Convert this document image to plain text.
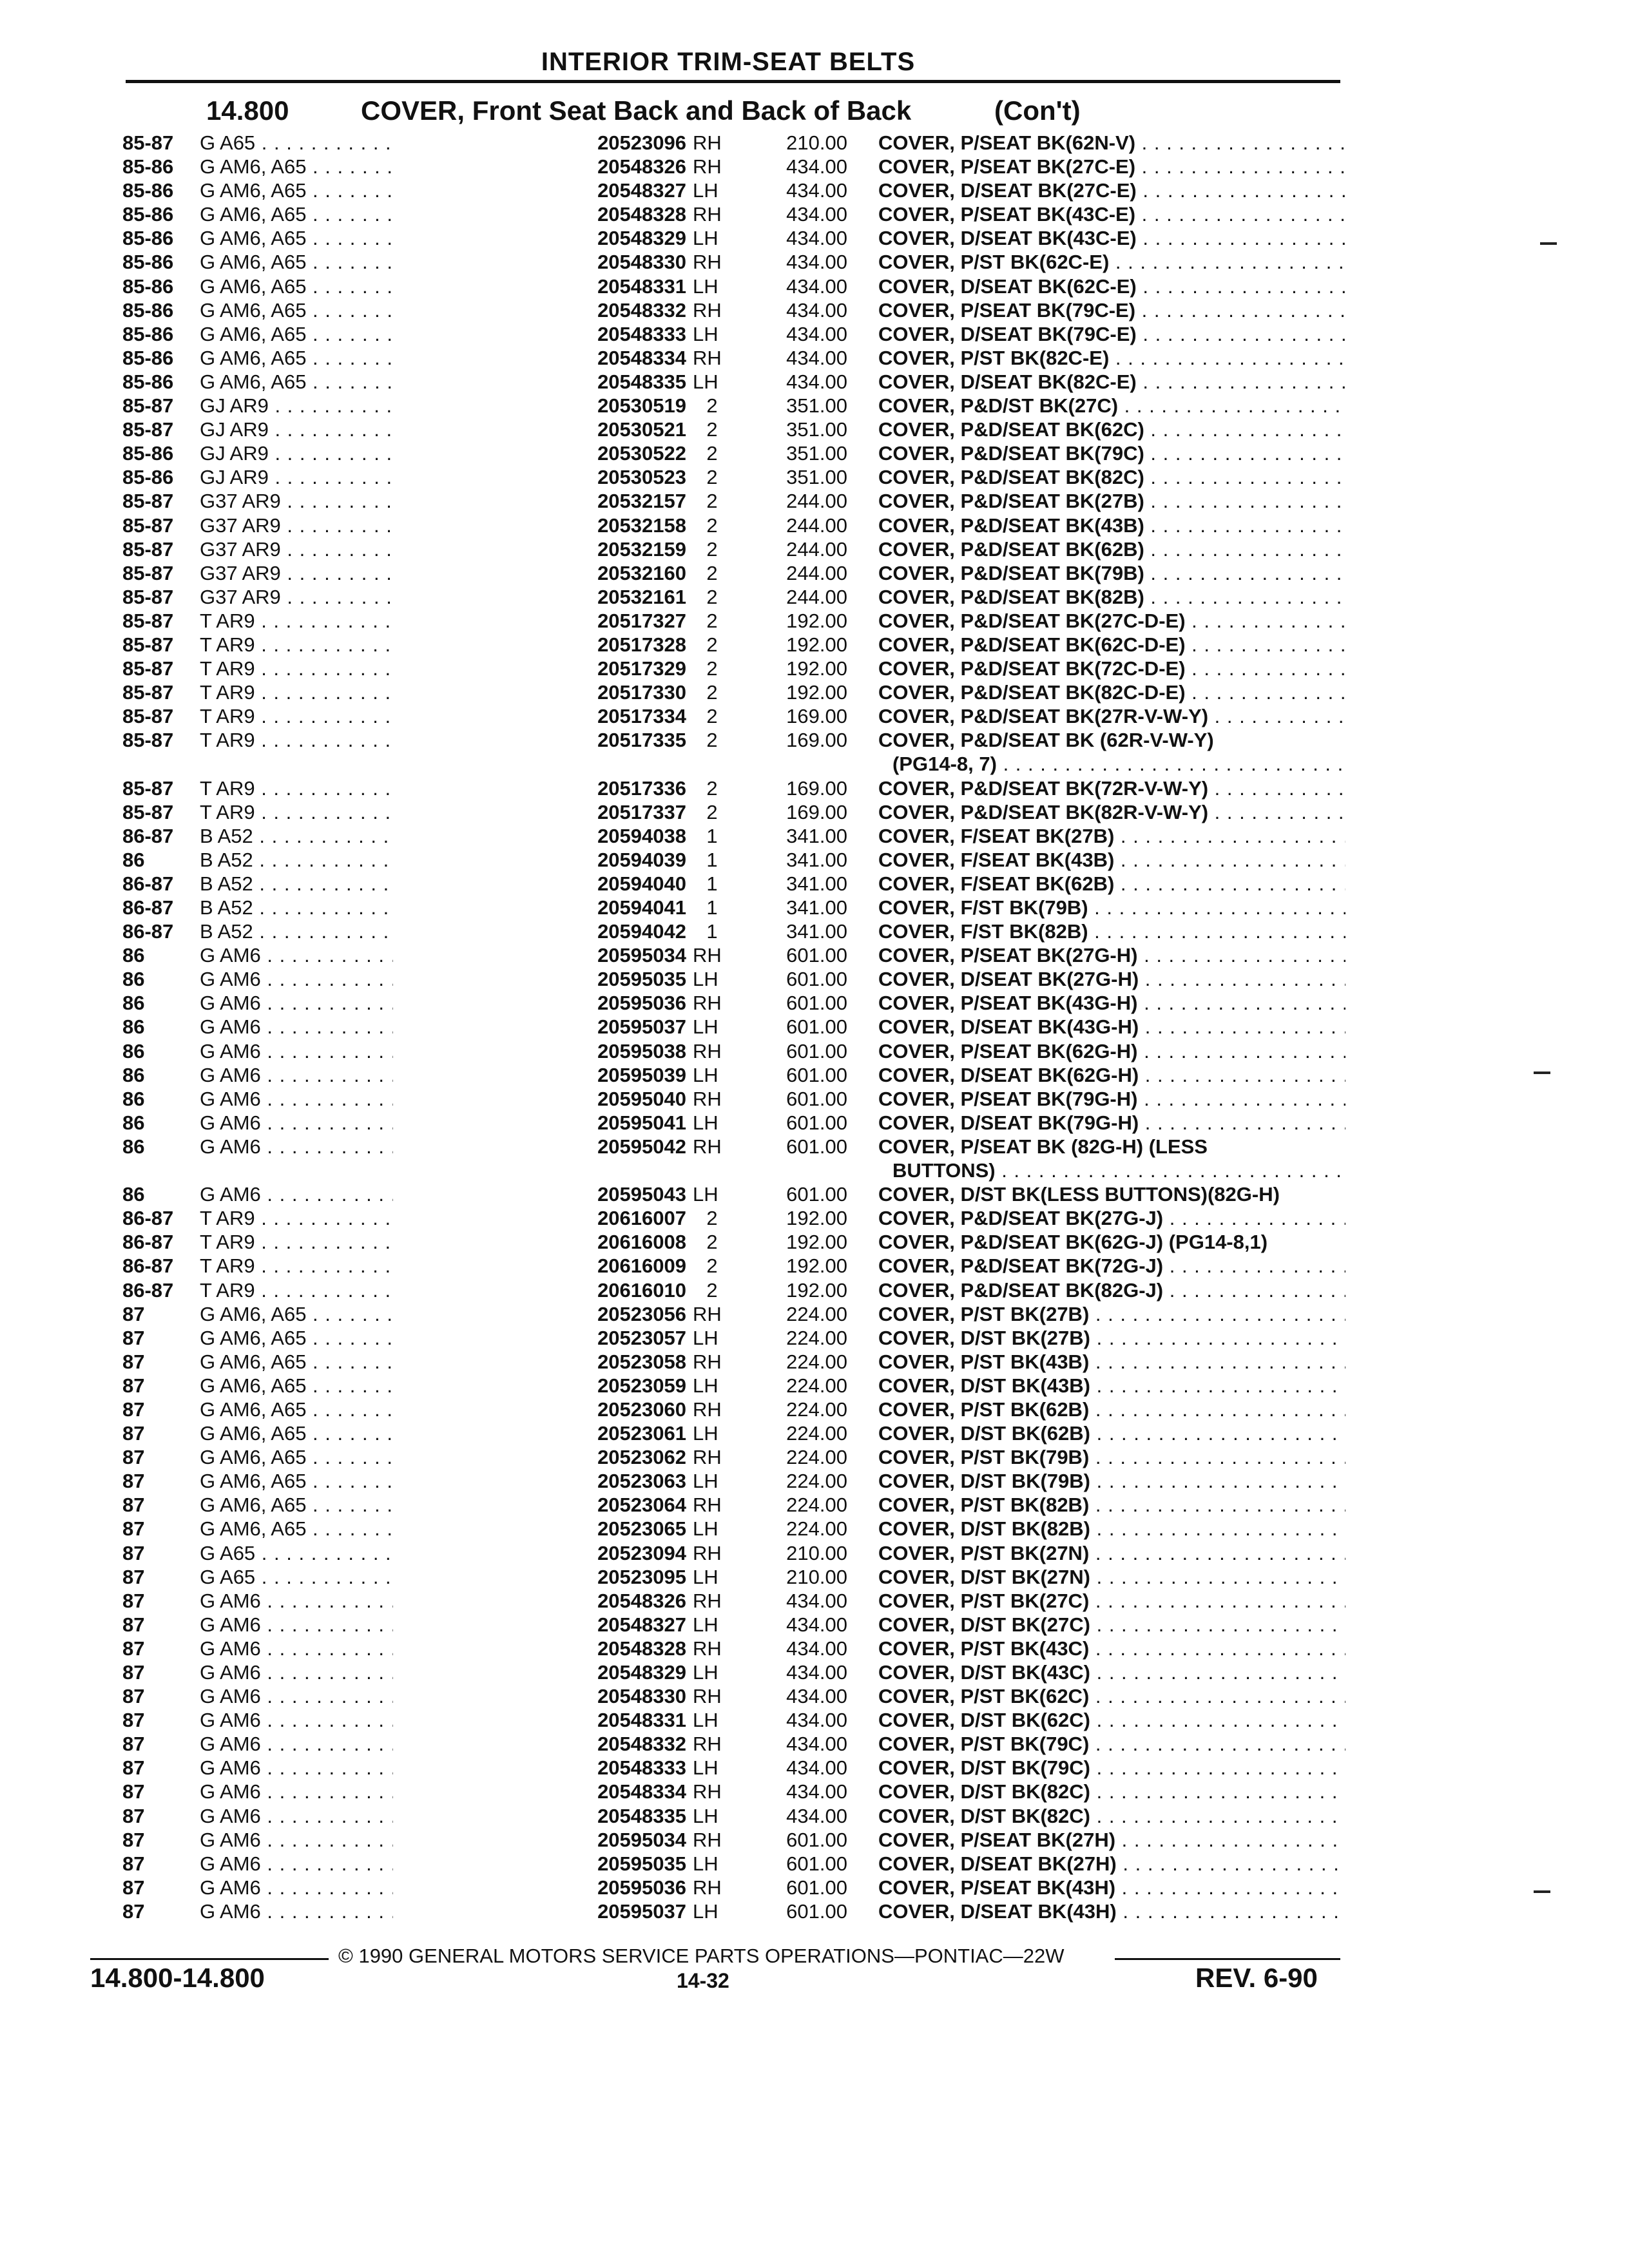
INTERIOR TRIM-SEAT BELTS
14.800	COVER, Front Seat Back and Back of Back	(Con't)
85-87	G A65 . . .	20523096 RH	210.00 COVER, P/SEAT BK(62N-V) . . .
85-86	G AM6, A65 . . .	20548326 RH	434.00 COVER, P/SEAT BK(27C-E) . . .
85-86	G AM6, A65 . . .	20548327 LH	434.00 COVER, D/SEAT BK(27C-E) . . .
85-86	G AM6, A65 . . .	20548328 RH	434.00 COVER, P/SEAT BK(43C-E) . . .
85-86	G AM6, A65 . . .	20548329 LH	434.00 COVER, D/SEAT BK(43C-E) . . .
85-86	G AM6, A65 . . .	20548330 RH	434.00 COVER, P/ST BK(62C-E) . . .
85-86	G AM6, A65 . . .	20548331 LH	434.00 COVER, D/SEAT BK(62C-E) . . .
85-86	G AM6, A65 . . .	20548332 RH	434.00 COVER, P/SEAT BK(79C-E) . . .
85-86	G AM6, A65 . . .	20548333 LH	434.00 COVER, D/SEAT BK(79C-E) . . .
85-86	G AM6, A65 . . .	20548334 RH	434.00 COVER, P/ST BK(82C-E) . . .
85-86	G AM6, A65 . . .	20548335 LH	434.00 COVER, D/SEAT BK(82C-E) . . .
85-87	GJ AR9 . . .	20530519	2	351.00 COVER, P&D/ST BK(27C) . . .
85-87	GJ AR9 . . .	20530521	2	351.00 COVER, P&D/SEAT BK(62C) . . .
85-86	GJ AR9 . . .	20530522	2	351.00 COVER, P&D/SEAT BK(79C) . . .
85-86	GJ AR9 . . .	20530523	2	351.00 COVER, P&D/SEAT BK(82C) . . .
85-87	G37 AR9 . . .	20532157	2	244.00 COVER, P&D/SEAT BK(27B) . . .
85-87	G37 AR9 . . .	20532158	2	244.00 COVER, P&D/SEAT BK(43B) . . .
85-87	G37 AR9 . . .	20532159	2	244.00 COVER, P&D/SEAT BK(62B) . . .
85-87	G37 AR9 . . .	20532160	2	244.00 COVER, P&D/SEAT BK(79B) . . .
85-87	G37 AR9 . . .	20532161	2	244.00 COVER, P&D/SEAT BK(82B) . . .
85-87	T AR9 . . .	20517327	2	192.00 COVER, P&D/SEAT BK(27C-D-E) . . .
85-87	T AR9 . . .	20517328	2	192.00 COVER, P&D/SEAT BK(62C-D-E) . . .
85-87	T AR9 . . .	20517329	2	192.00 COVER, P&D/SEAT BK(72C-D-E) . . .
85-87	T AR9 . . .	20517330	2	192.00 COVER, P&D/SEAT BK(82C-D-E) . . .
85-87	T AR9 . . .	20517334	2	169.00 COVER, P&D/SEAT BK(27R-V-W-Y) . . .
85-87	T AR9 . . .	20517335	2	169.00 COVER, P&D/SEAT BK (62R-V-W-Y)
(PG14-8, 7) . . .
85-87	T AR9 . . .	20517336	2	169.00 COVER, P&D/SEAT BK(72R-V-W-Y) . . .
85-87	T AR9 . . .	20517337	2	169.00 COVER, P&D/SEAT BK(82R-V-W-Y) . . .
86-87	B A52 . . .	20594038	1	341.00 COVER, F/SEAT BK(27B) . . .
86	B A52 . . .	20594039	1	341.00 COVER, F/SEAT BK(43B) . . .
86-87	B A52 . . .	20594040	1	341.00 COVER, F/SEAT BK(62B) . . .
86-87	B A52 . . .	20594041	1	341.00 COVER, F/ST BK(79B) . . .
86-87	B A52 . . .	20594042	1	341.00 COVER, F/ST BK(82B) . . .
86	G AM6 . . .	20595034 RH	601.00 COVER, P/SEAT BK(27G-H) . . .
86	G AM6 . . .	20595035 LH	601.00 COVER, D/SEAT BK(27G-H) . . .
86	G AM6 . . .	20595036 RH	601.00 COVER, P/SEAT BK(43G-H) . . .
86	G AM6 . . .	20595037 LH	601.00 COVER, D/SEAT BK(43G-H) . . .
86	G AM6 . . .	20595038 RH	601.00 COVER, P/SEAT BK(62G-H) . . .
86	G AM6 . . .	20595039 LH	601.00 COVER, D/SEAT BK(62G-H) . . .
86	G AM6 . . .	20595040 RH	601.00 COVER, P/SEAT BK(79G-H) . . .
86	G AM6 . . .	20595041 LH	601.00 COVER, D/SEAT BK(79G-H) . . .
86	G AM6 . . .	20595042 RH	601.00 COVER, P/SEAT BK (82G-H) (LESS
BUTTONS) . . .
86	G AM6 . . .	20595043 LH	601.00 COVER, D/ST BK(LESS BUTTONS)(82G-H)
86-87	T AR9 . . .	20616007	2	192.00 COVER, P&D/SEAT BK(27G-J) . . .
86-87	T AR9 . . .	20616008	2	192.00 COVER, P&D/SEAT BK(62G-J) (PG14-8,1)
86-87	T AR9 . . .	20616009	2	192.00 COVER, P&D/SEAT BK(72G-J) . . .
86-87	T AR9 . . .	20616010	2	192.00 COVER, P&D/SEAT BK(82G-J) . . .
87	G AM6, A65 . . .	20523056 RH	224.00 COVER, P/ST BK(27B) . . .
87	G AM6, A65 . . .	20523057 LH	224.00 COVER, D/ST BK(27B) . . .
87	G AM6, A65 . . .	20523058 RH	224.00 COVER, P/ST BK(43B) . . .
87	G AM6, A65 . . .	20523059 LH	224.00 COVER, D/ST BK(43B) . . .
87	G AM6, A65 . . .	20523060 RH	224.00 COVER, P/ST BK(62B) . . .
87	G AM6, A65 . . .	20523061 LH	224.00 COVER, D/ST BK(62B) . . .
87	G AM6, A65 . . .	20523062 RH	224.00 COVER, P/ST BK(79B) . . .
87	G AM6, A65 . . .	20523063 LH	224.00 COVER, D/ST BK(79B) . . .
87	G AM6, A65 . . .	20523064 RH	224.00 COVER, P/ST BK(82B) . . .
87	G AM6, A65 . . .	20523065 LH	224.00 COVER, D/ST BK(82B) . . .
87	G A65 . . .	20523094 RH	210.00 COVER, P/ST BK(27N) . . .
87	G A65 . . .	20523095 LH	210.00 COVER, D/ST BK(27N) . . .
87	G AM6 . . .	20548326 RH	434.00 COVER, P/ST BK(27C) . . .
87	G AM6 . . .	20548327 LH	434.00 COVER, D/ST BK(27C) . . .
87	G AM6 . . .	20548328 RH	434.00 COVER, P/ST BK(43C) . . .
87	G AM6 . . .	20548329 LH	434.00 COVER, D/ST BK(43C) . . .
87	G AM6 . . .	20548330 RH	434.00 COVER, P/ST BK(62C) . . .
87	G AM6 . . .	20548331 LH	434.00 COVER, D/ST BK(62C) . . .
87	G AM6 . . .	20548332 RH	434.00 COVER, P/ST BK(79C) . . .
87	G AM6 . . .	20548333 LH	434.00 COVER, D/ST BK(79C) . . .
87	G AM6 . . .	20548334 RH	434.00 COVER, D/ST BK(82C) . . .
87	G AM6 . . .	20548335 LH	434.00 COVER, D/ST BK(82C) . . .
87	G AM6 . . .	20595034 RH	601.00 COVER, P/SEAT BK(27H) . . .
87	G AM6 . . .	20595035 LH	601.00 COVER, D/SEAT BK(27H) . . .
87	G AM6 . . .	20595036 RH	601.00 COVER, P/SEAT BK(43H) . . .
87	G AM6 . . .	20595037 LH	601.00 COVER, D/SEAT BK(43H) . . .
© 1990 GENERAL MOTORS SERVICE PARTS OPERATIONS—PONTIAC—22W
14.800-14.800	14-32	REV. 6-90
